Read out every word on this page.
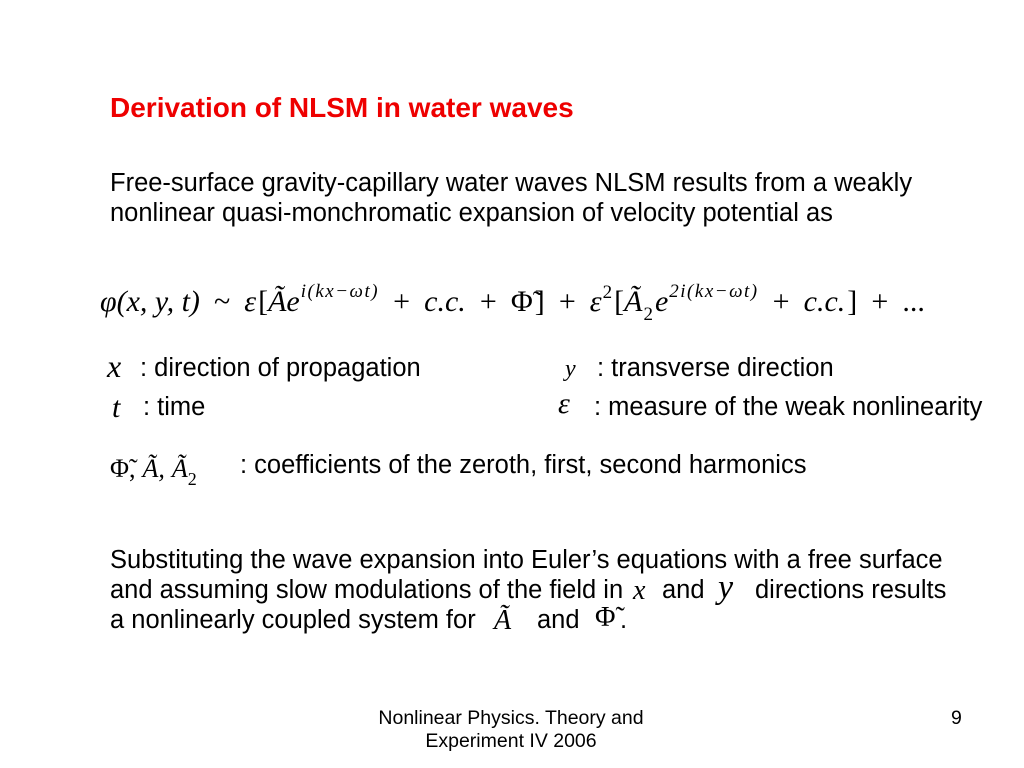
Derivation of NLSM in water waves
Free-surface gravity-capillary water waves NLSM results from a weakly
nonlinear quasi-monchromatic expansion of velocity potential as
φ(x, y, t) ~ $\varepsilon[Ãe^{i(kx-\omega t)} + c.c$. + Φ̃] + $\varepsilon^2[Ã_2e^{2i(kx-\omega t)} + c.c.]$ + ...
x : direction of propagation	y : transverse direction
t : time	ε : measure of the weak nonlinearity
Φ̃, Ã, $Ã_2$ : coefficients of the zeroth, first, second harmonics
Substituting the wave expansion into Euler’s equations with a free surface
and assuming slow modulations of the field in x and y directions results
a nonlinearly coupled system for Ã and Φ̃ .
Nonlinear Physics. Theory and
Experiment IV 2006
9
